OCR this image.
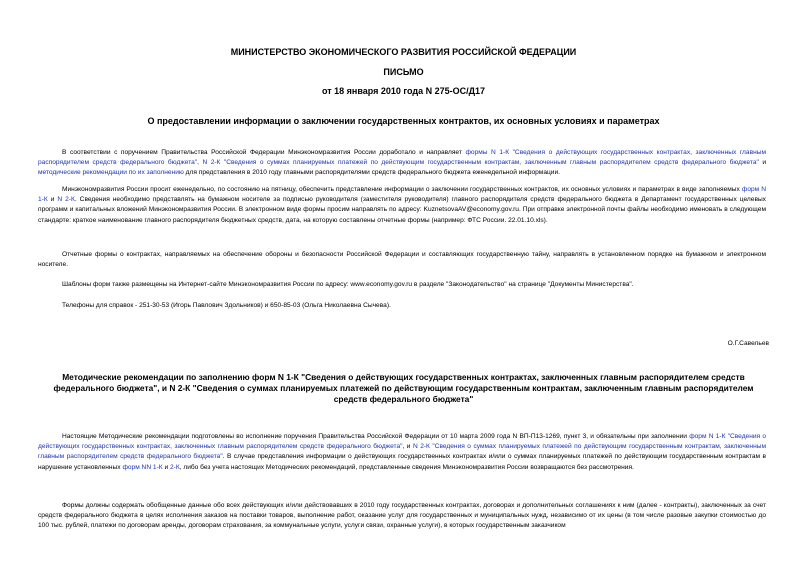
МИНИСТЕРСТВО ЭКОНОМИЧЕСКОГО РАЗВИТИЯ РОССИЙСКОЙ ФЕДЕРАЦИИ
ПИСЬМО
от 18 января 2010 года N 275-ОС/Д17
О предоставлении информации о заключении государственных контрактов, их основных условиях и параметрах

В соответствии с поручением Правительства Российской Федерации Минэкономразвития России доработало и направляет формы N 1-К "Сведения о действующих государственных контрактах, заключенных главным распорядителем средств федерального бюджета", N 2-К "Сведения о суммах планируемых платежей по действующим государственным контрактам, заключенным главным распорядителем средств федерального бюджета" и методические рекомендации по их заполнению для представления в 2010 году главными распорядителями средств федерального бюджета еженедельной информации.

Минэкономразвития России просит еженедельно, по состоянию на пятницу, обеспечить представление информации о заключении государственных контрактов, их основных условиях и параметрах в виде заполняемых форм N 1-К и N 2-К. Сведения необходимо представлять на бумажном носителе за подписью руководителя (заместителя руководителя) главного распорядителя средств федерального бюджета в Департамент государственных целевых программ и капитальных вложений Минэкономразвития России. В электронном виде формы просим направлять по адресу: KuznetsovaAV@economy.gov.ru. При отправке электронной почты файлы необходимо именовать в следующем стандарте: краткое наименование главного распорядителя бюджетных средств, дата, на которую составлены отчетные формы (например: ФТС России. 22.01.10.xls).

Отчетные формы о контрактах, направляемых на обеспечение обороны и безопасности Российской Федерации и составляющих государственную тайну, направлять в установленном порядке на бумажном и электронном носителе.

Шаблоны форм также размещены на Интернет-сайте Минэкономразвития России по адресу: www.economy.gov.ru в разделе "Законодательство" на странице "Документы Министерства".

Телефоны для справок - 251-30-53 (Игорь Павлович Здольников) и 650-85-03 (Ольга Николаевна Сычева).

О.Г.Савельев

Методические рекомендации по заполнению форм N 1-К "Сведения о действующих государственных контрактах, заключенных главным распорядителем средств федерального бюджета", и N 2-К "Сведения о суммах планируемых платежей по действующим государственным контрактам, заключенным главным распорядителем средств федерального бюджета"

Настоящие Методические рекомендации подготовлены во исполнение поручения Правительства Российской Федерации от 10 марта 2009 года N ВП-П13-1269, пункт 3, и обязательны при заполнении форм N 1-К "Сведения о действующих государственных контрактах, заключенных главным распорядителем средств федерального бюджета", и N 2-К "Сведения о суммах планируемых платежей по действующим государственным контрактам, заключенным главным распорядителем средств федерального бюджета". В случае представления информации о действующих государственных контрактах и/или о суммах планируемых платежей по действующим государственным контрактам в нарушение установленных форм NN 1-К и 2-К, либо без учета настоящих Методических рекомендаций, представленные сведения Минэкономразвития России возвращаются без рассмотрения.

Формы должны содержать обобщенные данные обо всех действующих и/или действовавших в 2010 году государственных контрактах, договорах и дополнительных соглашениях к ним (далее - контракты), заключенных за счет средств федерального бюджета в целях исполнения заказов на поставки товаров, выполнение работ, оказание услуг для государственных и муниципальных нужд, независимо от их цены (в том числе разовые закупки стоимостью до 100 тыс. рублей, платежи по договорам аренды, договорам страхования, за коммунальные услуги, услуги связи, охранные услуги), в которых государственным заказчиком
